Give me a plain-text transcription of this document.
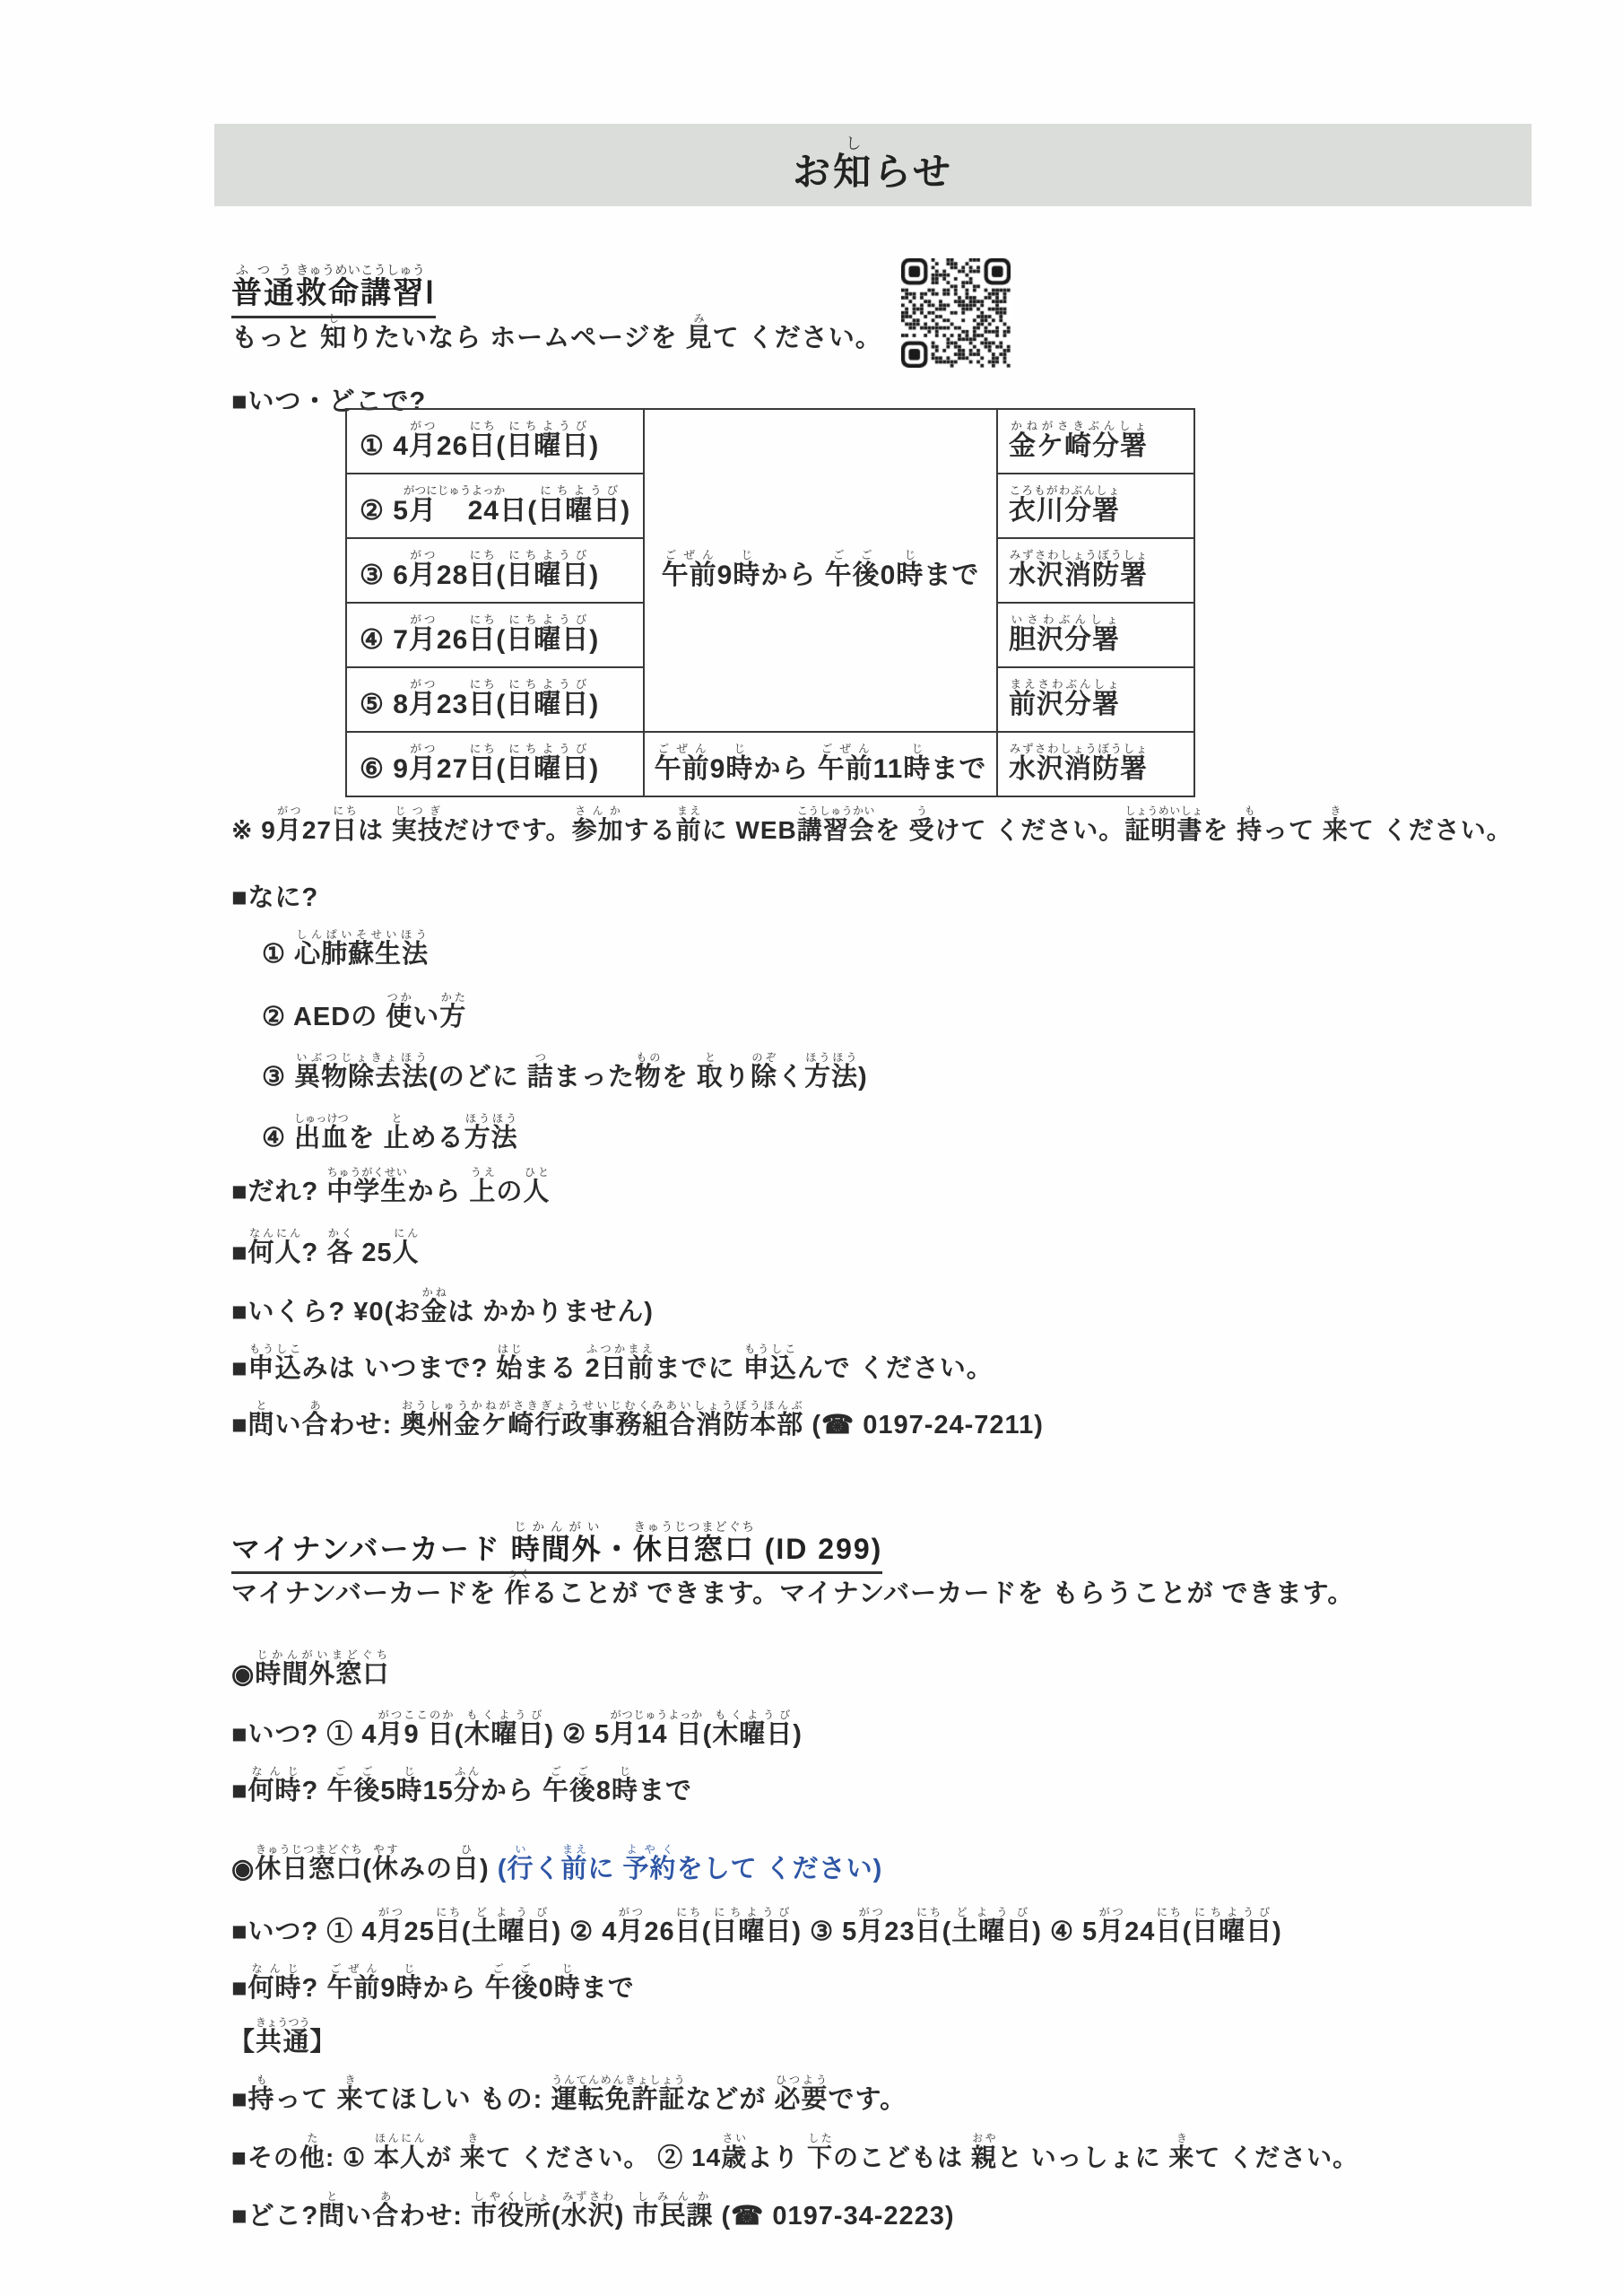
お知しらせ
普通ふつう救命きゅうめい講習こうしゅうⅠ
もっと 知しりたいなら ホームページを 見みて ください。
■いつ・どこで?
① 4月がつ26日にち(日曜日にちようび)	午前ごぜん9時じから 午後ごご0時じまで	金ケ崎分署かねがさきぶんしょ
② 5月 24がつにじゅうよっか日(日曜日にちようび)		衣川分署ころもがわぶんしょ
③ 6月がつ28日にち(日曜日にちようび)		水沢消防署みずさわしょうぼうしょ
④ 7月がつ26日にち(日曜日にちようび)		胆沢分署いさわぶんしょ
⑤ 8月がつ23日にち(日曜日にちようび)		前沢分署まえさわぶんしょ
⑥ 9月がつ27日にち(日曜日にちようび)	午前ごぜん9時じから 午前ごぜん11時じまで	水沢消防署みずさわしょうぼうしょ
※ 9月がつ27日にちは 実技じつぎだけです。参加さんかする前まえに WEB講習会こうしゅうかいを 受うけて ください。証明書しょうめいしょを 持もって 来きて ください。
■なに?
① 心肺蘇生法しんぱいそせいほう
② AEDの 使つかい方かた
③ 異物除去法いぶつじょきょほう(のどに 詰つまった物ものを 取とり除のぞく方法ほうほう)
④ 出血しゅっけつを 止とめる方法ほうほう
■だれ? 中学生ちゅうがくせいから 上うえの人ひと
■何人なんにん? 各かく 25人にん
■いくら? ¥0(お金かねは かかりません)
■申込もうしこみは いつまで? 始はじまる 2日前ふつかまえまでに 申込もうしこんで ください。
■問とい合あわせ: 奥州金ケ崎行政事務組合消防本部おうしゅうかねがさきぎょうせいじむくみあいしょうぼうほんぶ (☎ 0197-24-7211)
マイナンバーカード 時間外じかんがい・休日窓口きゅうじつまどぐち (ID 299)
マイナンバーカードを 作つくることが できます。マイナンバーカードを もらうことが できます。
◉時間外窓口じかんがいまどぐち
■いつ? ① 4月9 日がつここのか(木曜日もくようび) ② 5月14 日がつじゅうよっか(木曜日もくようび)
■何時なんじ? 午後ごご5時じ15分ふんから 午後ごご8時じまで
◉休日窓口きゅうじつまどぐち(休やすみの日ひ) (行いく前まえに 予約よやくをして ください)
■いつ? ① 4月がつ25日にち(土曜日どようび) ② 4月がつ26日にち(日曜日にちようび) ③ 5月がつ23日にち(土曜日どようび) ④ 5月がつ24日にち(日曜日にちようび)
■何時なんじ? 午前ごぜん9時じから 午後ごご0時じまで
【共通きょうつう】
■持もって 来きてほしい もの: 運転免許証うんてんめんきょしょうなどが 必要ひつようです。
■その他た: ① 本人ほんにんが 来きて ください。 ② 14歳さいより 下したのこどもは 親おやと いっしょに 来きて ください。
■どこ?問とい合あわせ: 市役所しやくしょ(水沢みずさわ) 市民課しみんか (☎ 0197-34-2223)
